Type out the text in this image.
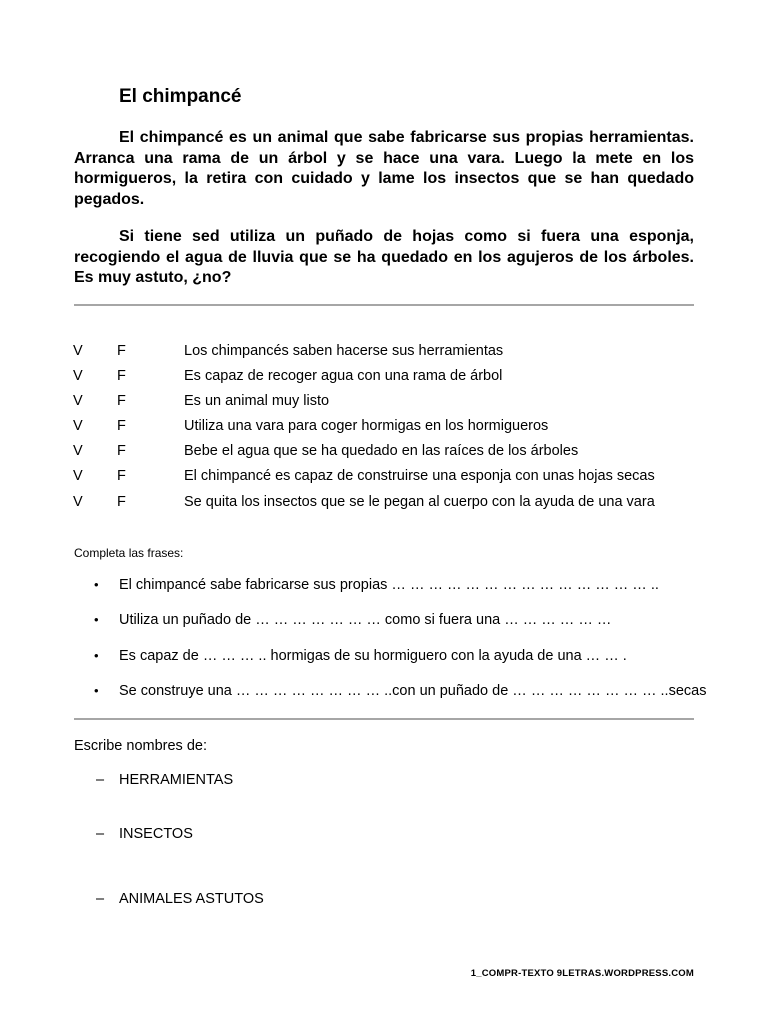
El chimpancé

El chimpancé es un animal que sabe fabricarse sus propias herramientas. Arranca una rama de un árbol y se hace una vara. Luego la mete en los hormigueros, la retira con cuidado y lame los insectos que se han quedado pegados.

Si tiene sed utiliza un puñado de hojas como si fuera una esponja, recogiendo el agua de lluvia que se ha quedado en los agujeros de los árboles. Es muy astuto, ¿no?

V F	Los chimpancés saben hacerse sus herramientas
V F	Es capaz de recoger agua con una rama de árbol
V F	Es un animal muy listo
V F	Utiliza una vara para coger hormigas en los hormigueros
V F	Bebe el agua que se ha quedado en las raíces de los árboles
V F	El chimpancé es capaz de construirse una esponja con unas hojas secas
V F	Se quita los insectos que se le pegan al cuerpo con la ayuda de una vara
Completa las frases:
• El chimpancé sabe fabricarse sus propias … … … … … … … … … … … … … … ..
• Utiliza un puñado de … … … … … … … como si fuera una … … … … … …
• Es capaz de … … … .. hormigas de su hormiguero con la ayuda de una … … .
• Se construye una … … … … … … … … ..con un puñado de … … … … … … … … ..secas
Escribe nombres de:
– HERRAMIENTAS
– INSECTOS
– ANIMALES ASTUTOS
1_COMPR-TEXTO 9LETRAS.WORDPRESS.COM
